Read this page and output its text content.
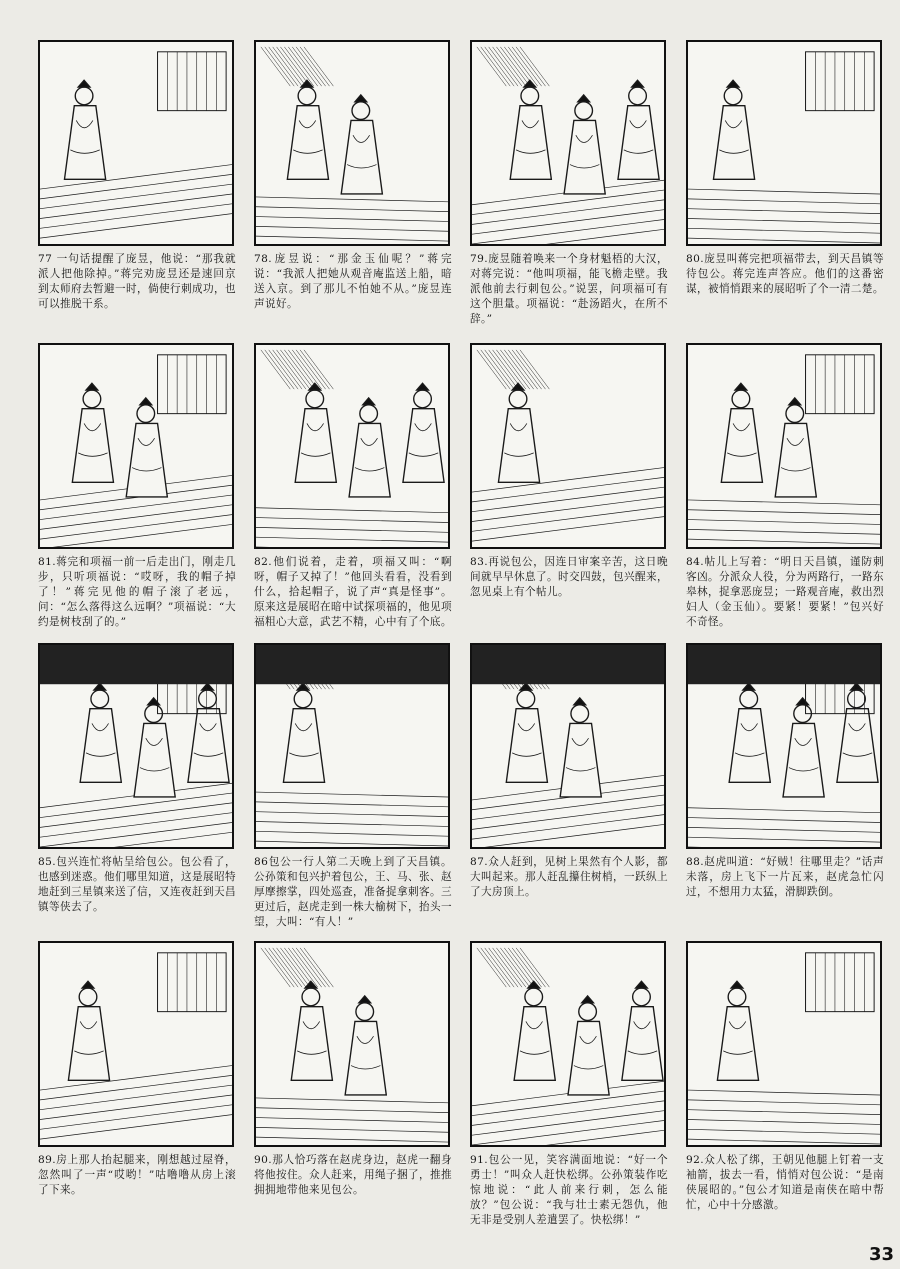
77 一句话提醒了庞昱，他说：“那我就派人把他除掉。”蒋完劝庞昱还是速回京到太师府去暂避一时，倘使行刺成功，也可以推脱干系。
78.庞昱说：“那金玉仙呢？”蒋完说：“我派人把她从观音庵监送上船，暗送入京。到了那儿不怕她不从。”庞昱连声说好。
79.庞昱随着唤来一个身材魁梧的大汉，对蒋完说：“他叫项福，能飞檐走壁。我派他前去行刺包公。”说罢，问项福可有这个胆量。项福说：“赴汤蹈火，在所不辞。”
80.庞昱叫蒋完把项福带去，到天昌镇等待包公。蒋完连声答应。他们的这番密谋，被悄悄跟来的展昭听了个一清二楚。
81.蒋完和项福一前一后走出门，刚走几步，只听项福说：“哎呀，我的帽子掉了！”蒋完见他的帽子滚了老远，问：“怎么落得这么远啊？”项福说：“大约是树枝刮了的。”
82.他们说着，走着，项福又叫：“啊呀，帽子又掉了！”他回头看看，没看到什么，拾起帽子，说了声“真是怪事”。原来这是展昭在暗中试探项福的，他见项福粗心大意，武艺不精，心中有了个底。
83.再说包公，因连日审案辛苦，这日晚间就早早休息了。时交四鼓，包兴醒来，忽见桌上有个帖儿。
84.帖儿上写着：“明日天昌镇，谨防刺客凶。分派众人役，分为两路行，一路东皋林，捉拿恶庞昱；一路观音庵，救出烈妇人（金玉仙）。要紧！要紧！”包兴好不奇怪。
85.包兴连忙将帖呈给包公。包公看了，也感到迷惑。他们哪里知道，这是展昭特地赶到三星镇来送了信，又连夜赶到天昌镇等侠去了。
86包公一行人第二天晚上到了天昌镇。公孙策和包兴护着包公，王、马、张、赵厚摩擦掌，四处巡查，准备捉拿刺客。三更过后，赵虎走到一株大榆树下，抬头一望，大叫：“有人！”
87.众人赶到，见树上果然有个人影，都大叫起来。那人赶乱攥住树梢，一跃纵上了大房顶上。
88.赵虎叫道：“好贼！往哪里走？”话声未落，房上飞下一片瓦来，赵虎急忙闪过，不想用力太猛，滑脚跌倒。
89.房上那人抬起腿来，刚想越过屋脊，忽然叫了一声“哎哟！”咕噜噜从房上滚了下来。
90.那人恰巧落在赵虎身边，赵虎一翻身将他按住。众人赶来，用绳子捆了，推推拥拥地带他来见包公。
91.包公一见，笑容满面地说：“好一个勇士！”叫众人赶快松绑。公孙策装作吃惊地说：“此人前来行刺，怎么能放？”包公说：“我与壮士素无怨仇，他无非是受别人差遣罢了。快松绑！”
92.众人松了绑，王朝见他腿上钉着一支袖箭，拔去一看，悄悄对包公说：“是南侠展昭的。”包公才知道是南侠在暗中帮忙，心中十分感激。
33
